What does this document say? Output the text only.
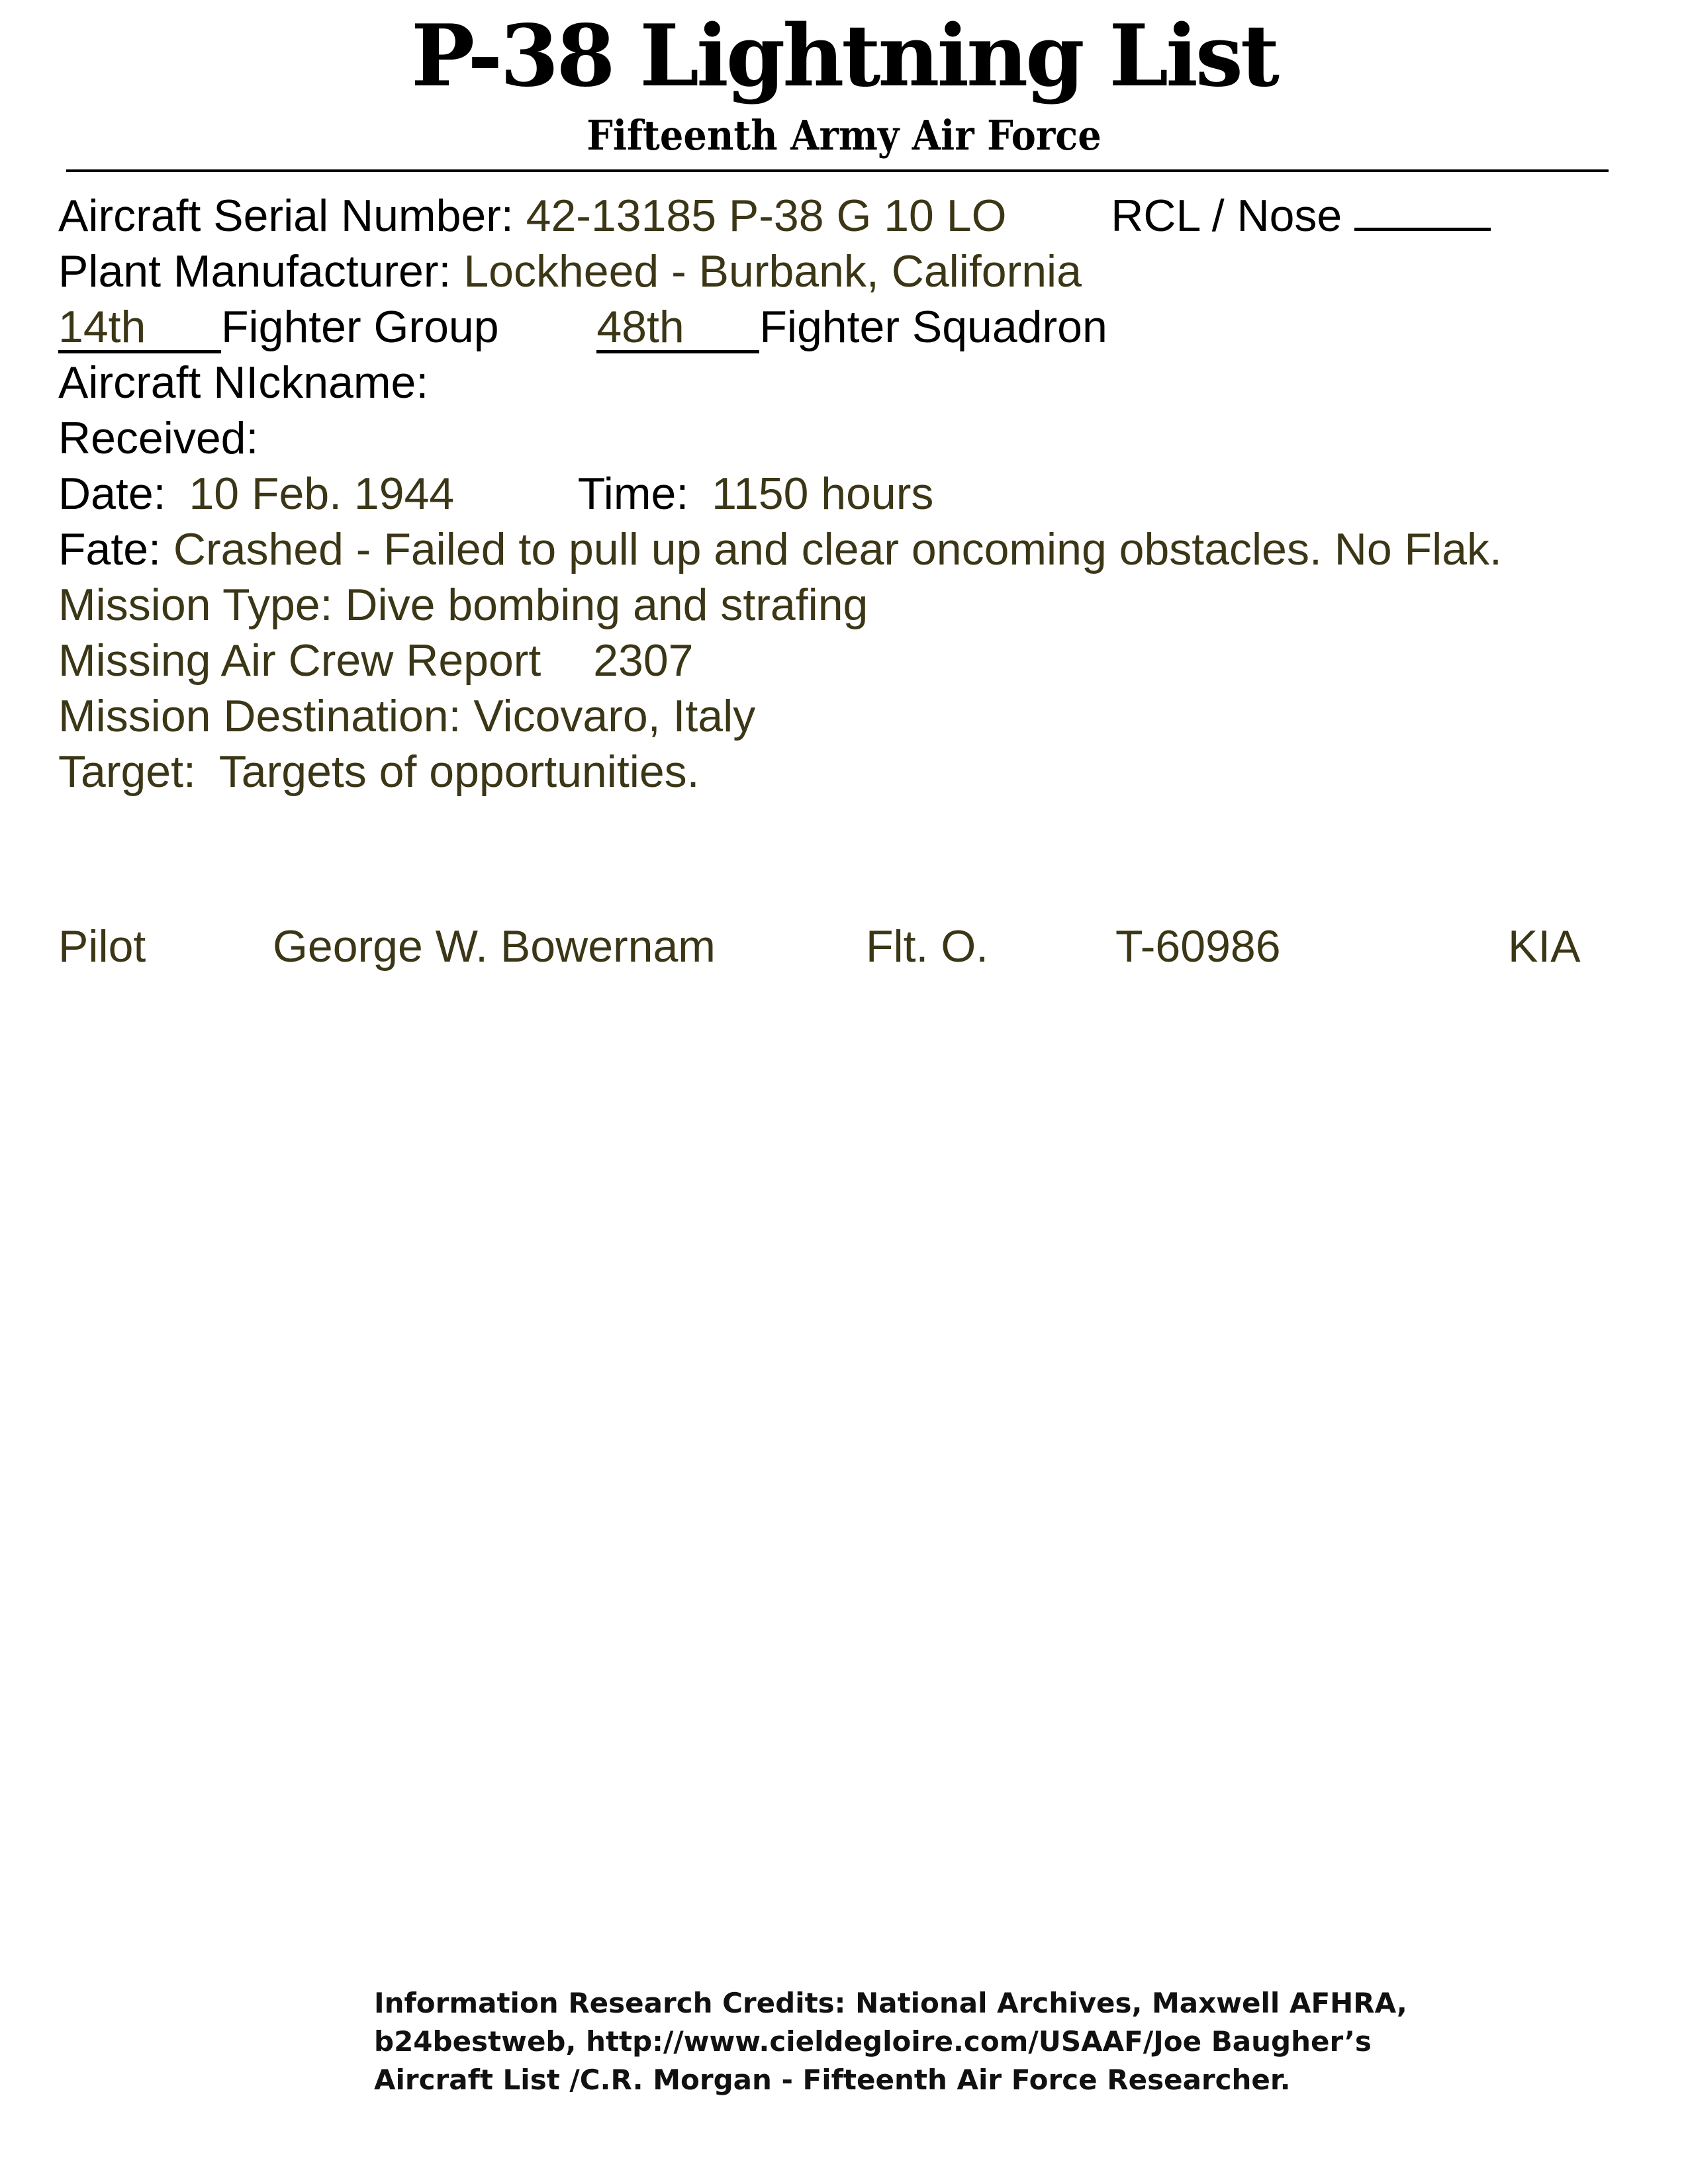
P-38 Lightning List
Fifteenth Army Air Force
Aircraft Serial Number: 42-13185 P-38 G 10 LO RCL / Nose
Plant Manufacturer: Lockheed - Burbank, California
14th Fighter Group 48th Fighter Squadron
Aircraft NIckname:
Received:
Date: 10 Feb. 1944	Time: 1150 hours
Fate: Crashed - Failed to pull up and clear oncoming obstacles. No Flak.
Mission Type: Dive bombing and strafing
Missing Air Crew Report 2307
Mission Destination: Vicovaro, Italy
Target: Targets of opportunities.
Pilot	George W. Bowernam	Flt. O.	T-60986	KIA
Information Research Credits: National Archives, Maxwell AFHRA,
b24bestweb, http://www.cieldegloire.com/USAAF/Joe Baugher’s
Aircraft List /C.R. Morgan - Fifteenth Air Force Researcher.
